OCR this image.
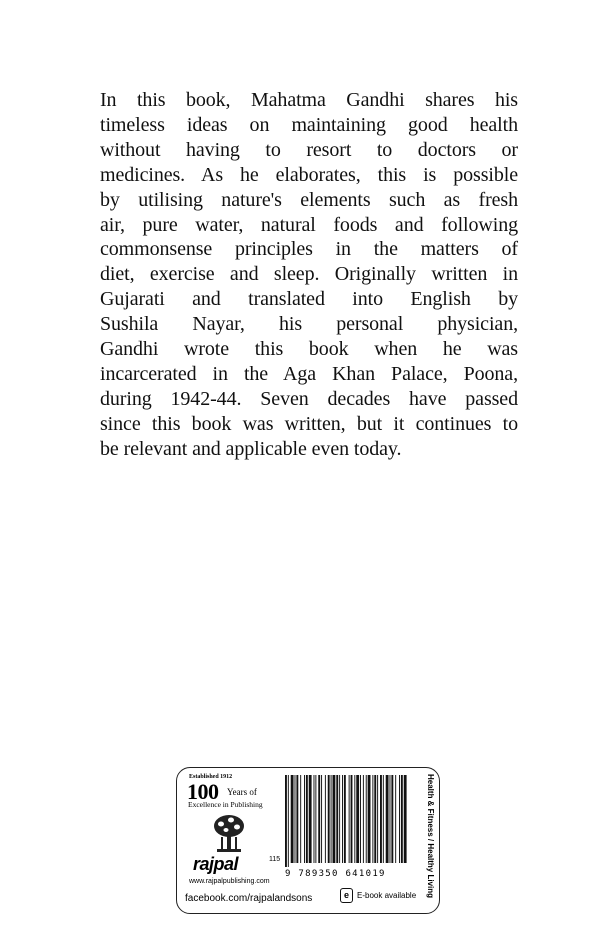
In this book, Mahatma Gandhi shares his
timeless ideas on maintaining good health
without having to resort to doctors or
medicines. As he elaborates, this is possible
by utilising nature's elements such as fresh
air, pure water, natural foods and following
commonsense principles in the matters of
diet, exercise and sleep. Originally written in
Gujarati and translated into English by
Sushila Nayar, his personal physician,
Gandhi wrote this book when he was
incarcerated in the Aga Khan Palace, Poona,
during 1942-44. Seven decades have passed
since this book was written, but it continues to
be relevant and applicable even today.
Established 1912
100 Years of
Excellence in Publishing
rajpal	115
www.rajpalpublishing.com
facebook.com/rajpalandsons
9 789350 641019
e	E-book available	Health & Fitness / Healthy Living
